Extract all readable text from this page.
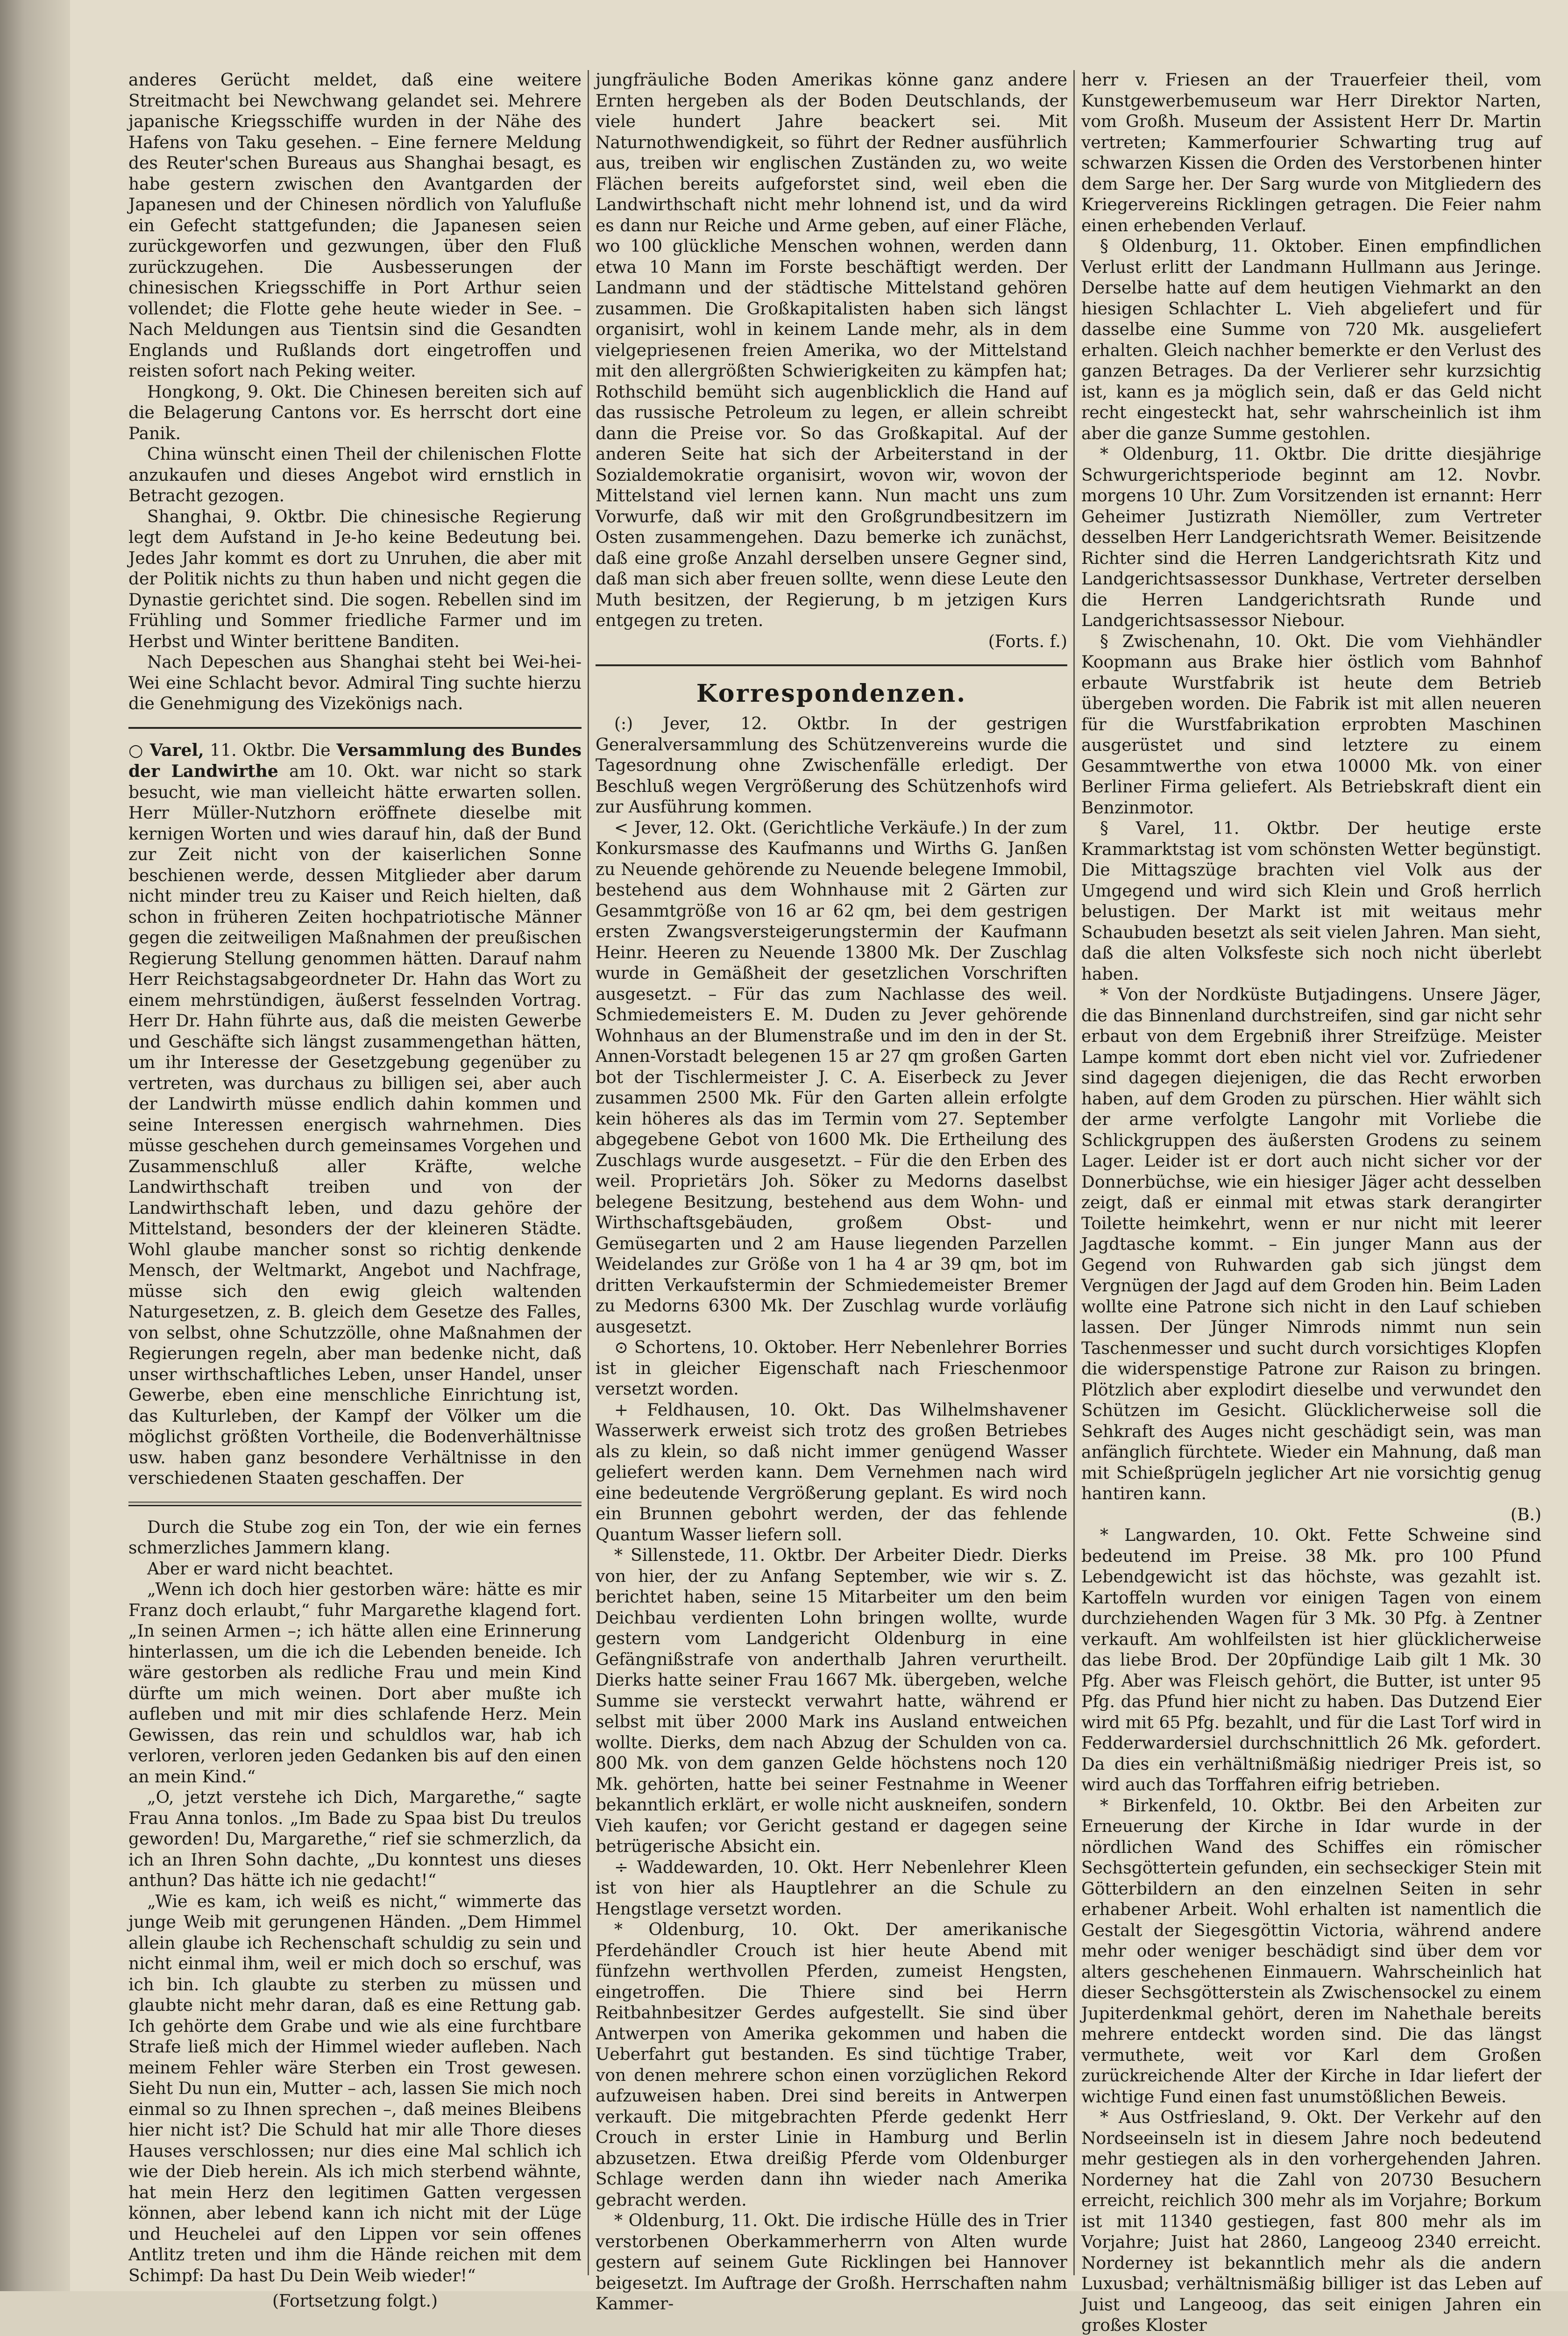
anderes Gerücht meldet, daß eine weitere Streitmacht bei Newchwang gelandet sei. Mehrere japanische Kriegsschiffe wurden in der Nähe des Hafens von Taku gesehen. – Eine fernere Meldung des Reuter'schen Bureaus aus Shanghai besagt, es habe gestern zwischen den Avantgarden der Japanesen und der Chinesen nördlich von Yalufluße ein Gefecht stattgefunden; die Japanesen seien zurückgeworfen und gezwungen, über den Fluß zurückzugehen. Die Ausbesserungen der chinesischen Kriegsschiffe in Port Arthur seien vollendet; die Flotte gehe heute wieder in See. – Nach Meldungen aus Tientsin sind die Gesandten Englands und Rußlands dort eingetroffen und reisten sofort nach Peking weiter.

Hongkong, 9. Okt. Die Chinesen bereiten sich auf die Belagerung Cantons vor. Es herrscht dort eine Panik.

China wünscht einen Theil der chilenischen Flotte anzukaufen und dieses Angebot wird ernstlich in Betracht gezogen.

Shanghai, 9. Oktbr. Die chinesische Regierung legt dem Aufstand in Je-ho keine Bedeutung bei. Jedes Jahr kommt es dort zu Unruhen, die aber mit der Politik nichts zu thun haben und nicht gegen die Dynastie gerichtet sind. Die sogen. Rebellen sind im Frühling und Sommer friedliche Farmer und im Herbst und Winter berittene Banditen.

Nach Depeschen aus Shanghai steht bei Wei-hei-Wei eine Schlacht bevor. Admiral Ting suchte hierzu die Genehmigung des Vizekönigs nach.

○ Varel, 11. Oktbr. Die Versammlung des Bundes der Landwirthe am 10. Okt. war nicht so stark besucht, wie man vielleicht hätte erwarten sollen. Herr Müller-Nutzhorn eröffnete dieselbe mit kernigen Worten und wies darauf hin, daß der Bund zur Zeit nicht von der kaiserlichen Sonne beschienen werde, dessen Mitglieder aber darum nicht minder treu zu Kaiser und Reich hielten, daß schon in früheren Zeiten hochpatriotische Männer gegen die zeitweiligen Maßnahmen der preußischen Regierung Stellung genommen hätten. Darauf nahm Herr Reichstagsabgeordneter Dr. Hahn das Wort zu einem mehrstündigen, äußerst fesselnden Vortrag. Herr Dr. Hahn führte aus, daß die meisten Gewerbe und Geschäfte sich längst zusammengethan hätten, um ihr Interesse der Gesetzgebung gegenüber zu vertreten, was durchaus zu billigen sei, aber auch der Landwirth müsse endlich dahin kommen und seine Interessen energisch wahrnehmen. Dies müsse geschehen durch gemeinsames Vorgehen und Zusammenschluß aller Kräfte, welche Landwirthschaft treiben und von der Landwirthschaft leben, und dazu gehöre der Mittelstand, besonders der der kleineren Städte. Wohl glaube mancher sonst so richtig denkende Mensch, der Weltmarkt, Angebot und Nachfrage, müsse sich den ewig gleich waltenden Naturgesetzen, z. B. gleich dem Gesetze des Falles, von selbst, ohne Schutzzölle, ohne Maßnahmen der Regierungen regeln, aber man bedenke nicht, daß unser wirthschaftliches Leben, unser Handel, unser Gewerbe, eben eine menschliche Einrichtung ist, das Kulturleben, der Kampf der Völker um die möglichst größten Vortheile, die Bodenverhältnisse usw. haben ganz besondere Verhältnisse in den verschiedenen Staaten geschaffen. Der

Durch die Stube zog ein Ton, der wie ein fernes schmerzliches Jammern klang.

Aber er ward nicht beachtet.

„Wenn ich doch hier gestorben wäre: hätte es mir Franz doch erlaubt,“ fuhr Margarethe klagend fort. „In seinen Armen –; ich hätte allen eine Erinnerung hinterlassen, um die ich die Lebenden beneide. Ich wäre gestorben als redliche Frau und mein Kind dürfte um mich weinen. Dort aber mußte ich aufleben und mit mir dies schlafende Herz. Mein Gewissen, das rein und schuldlos war, hab ich verloren, verloren jeden Gedanken bis auf den einen an mein Kind.“

„O, jetzt verstehe ich Dich, Margarethe,“ sagte Frau Anna tonlos. „Im Bade zu Spaa bist Du treulos geworden! Du, Margarethe,“ rief sie schmerzlich, da ich an Ihren Sohn dachte, „Du konntest uns dieses anthun? Das hätte ich nie gedacht!“

„Wie es kam, ich weiß es nicht,“ wimmerte das junge Weib mit gerungenen Händen. „Dem Himmel allein glaube ich Rechenschaft schuldig zu sein und nicht einmal ihm, weil er mich doch so erschuf, was ich bin. Ich glaubte zu sterben zu müssen und glaubte nicht mehr daran, daß es eine Rettung gab. Ich gehörte dem Grabe und wie als eine furchtbare Strafe ließ mich der Himmel wieder aufleben. Nach meinem Fehler wäre Sterben ein Trost gewesen. Sieht Du nun ein, Mutter – ach, lassen Sie mich noch einmal so zu Ihnen sprechen –, daß meines Bleibens hier nicht ist? Die Schuld hat mir alle Thore dieses Hauses verschlossen; nur dies eine Mal schlich ich wie der Dieb herein. Als ich mich sterbend wähnte, hat mein Herz den legitimen Gatten vergessen können, aber lebend kann ich nicht mit der Lüge und Heuchelei auf den Lippen vor sein offenes Antlitz treten und ihm die Hände reichen mit dem Schimpf: Da hast Du Dein Weib wieder!“

(Fortsetzung folgt.)

jungfräuliche Boden Amerikas könne ganz andere Ernten hergeben als der Boden Deutschlands, der viele hundert Jahre beackert sei. Mit Naturnothwendigkeit, so führt der Redner ausführlich aus, treiben wir englischen Zuständen zu, wo weite Flächen bereits aufgeforstet sind, weil eben die Landwirthschaft nicht mehr lohnend ist, und da wird es dann nur Reiche und Arme geben, auf einer Fläche, wo 100 glückliche Menschen wohnen, werden dann etwa 10 Mann im Forste beschäftigt werden. Der Landmann und der städtische Mittelstand gehören zusammen. Die Großkapitalisten haben sich längst organisirt, wohl in keinem Lande mehr, als in dem vielgepriesenen freien Amerika, wo der Mittelstand mit den allergrößten Schwierigkeiten zu kämpfen hat; Rothschild bemüht sich augenblicklich die Hand auf das russische Petroleum zu legen, er allein schreibt dann die Preise vor. So das Großkapital. Auf der anderen Seite hat sich der Arbeiterstand in der Sozialdemokratie organisirt, wovon wir, wovon der Mittelstand viel lernen kann. Nun macht uns zum Vorwurfe, daß wir mit den Großgrundbesitzern im Osten zusammengehen. Dazu bemerke ich zunächst, daß eine große Anzahl derselben unsere Gegner sind, daß man sich aber freuen sollte, wenn diese Leute den Muth besitzen, der Regierung, b m jetzigen Kurs entgegen zu treten.

(Forts. f.)

Korrespondenzen.

(:) Jever, 12. Oktbr. In der gestrigen Generalversammlung des Schützenvereins wurde die Tagesordnung ohne Zwischenfälle erledigt. Der Beschluß wegen Vergrößerung des Schützenhofs wird zur Ausführung kommen.

< Jever, 12. Okt. (Gerichtliche Verkäufe.) In der zum Konkursmasse des Kaufmanns und Wirths G. Janßen zu Neuende gehörende zu Neuende belegene Immobil, bestehend aus dem Wohnhause mit 2 Gärten zur Gesammtgröße von 16 ar 62 qm, bei dem gestrigen ersten Zwangsversteigerungstermin der Kaufmann Heinr. Heeren zu Neuende 13800 Mk. Der Zuschlag wurde in Gemäßheit der gesetzlichen Vorschriften ausgesetzt. – Für das zum Nachlasse des weil. Schmiedemeisters E. M. Duden zu Jever gehörende Wohnhaus an der Blumenstraße und im den in der St. Annen-Vorstadt belegenen 15 ar 27 qm großen Garten bot der Tischlermeister J. C. A. Eiserbeck zu Jever zusammen 2500 Mk. Für den Garten allein erfolgte kein höheres als das im Termin vom 27. September abgegebene Gebot von 1600 Mk. Die Ertheilung des Zuschlags wurde ausgesetzt. – Für die den Erben des weil. Proprietärs Joh. Söker zu Medorns daselbst belegene Besitzung, bestehend aus dem Wohn- und Wirthschaftsgebäuden, großem Obst- und Gemüsegarten und 2 am Hause liegenden Parzellen Weidelandes zur Größe von 1 ha 4 ar 39 qm, bot im dritten Verkaufstermin der Schmiedemeister Bremer zu Medorns 6300 Mk. Der Zuschlag wurde vorläufig ausgesetzt.

⊙ Schortens, 10. Oktober. Herr Nebenlehrer Borries ist in gleicher Eigenschaft nach Frieschenmoor versetzt worden.

+ Feldhausen, 10. Okt. Das Wilhelmshavener Wasserwerk erweist sich trotz des großen Betriebes als zu klein, so daß nicht immer genügend Wasser geliefert werden kann. Dem Vernehmen nach wird eine bedeutende Vergrößerung geplant. Es wird noch ein Brunnen gebohrt werden, der das fehlende Quantum Wasser liefern soll.

* Sillenstede, 11. Oktbr. Der Arbeiter Diedr. Dierks von hier, der zu Anfang September, wie wir s. Z. berichtet haben, seine 15 Mitarbeiter um den beim Deichbau verdienten Lohn bringen wollte, wurde gestern vom Landgericht Oldenburg in eine Gefängnißstrafe von anderthalb Jahren verurtheilt. Dierks hatte seiner Frau 1667 Mk. übergeben, welche Summe sie versteckt verwahrt hatte, während er selbst mit über 2000 Mark ins Ausland entweichen wollte. Dierks, dem nach Abzug der Schulden von ca. 800 Mk. von dem ganzen Gelde höchstens noch 120 Mk. gehörten, hatte bei seiner Festnahme in Weener bekanntlich erklärt, er wolle nicht auskneifen, sondern Vieh kaufen; vor Gericht gestand er dagegen seine betrügerische Absicht ein.

÷ Waddewarden, 10. Okt. Herr Nebenlehrer Kleen ist von hier als Hauptlehrer an die Schule zu Hengstlage versetzt worden.

* Oldenburg, 10. Okt. Der amerikanische Pferdehändler Crouch ist hier heute Abend mit fünfzehn werthvollen Pferden, zumeist Hengsten, eingetroffen. Die Thiere sind bei Herrn Reitbahnbesitzer Gerdes aufgestellt. Sie sind über Antwerpen von Amerika gekommen und haben die Ueberfahrt gut bestanden. Es sind tüchtige Traber, von denen mehrere schon einen vorzüglichen Rekord aufzuweisen haben. Drei sind bereits in Antwerpen verkauft. Die mitgebrachten Pferde gedenkt Herr Crouch in erster Linie in Hamburg und Berlin abzusetzen. Etwa dreißig Pferde vom Oldenburger Schlage werden dann ihn wieder nach Amerika gebracht werden.

* Oldenburg, 11. Okt. Die irdische Hülle des in Trier verstorbenen Oberkammerherrn von Alten wurde gestern auf seinem Gute Ricklingen bei Hannover beigesetzt. Im Auftrage der Großh. Herrschaften nahm Kammer-

herr v. Friesen an der Trauerfeier theil, vom Kunstgewerbemuseum war Herr Direktor Narten, vom Großh. Museum der Assistent Herr Dr. Martin vertreten; Kammerfourier Schwarting trug auf schwarzen Kissen die Orden des Verstorbenen hinter dem Sarge her. Der Sarg wurde von Mitgliedern des Kriegervereins Ricklingen getragen. Die Feier nahm einen erhebenden Verlauf.

§ Oldenburg, 11. Oktober. Einen empfindlichen Verlust erlitt der Landmann Hullmann aus Jeringe. Derselbe hatte auf dem heutigen Viehmarkt an den hiesigen Schlachter L. Vieh abgeliefert und für dasselbe eine Summe von 720 Mk. ausgeliefert erhalten. Gleich nachher bemerkte er den Verlust des ganzen Betrages. Da der Verlierer sehr kurzsichtig ist, kann es ja möglich sein, daß er das Geld nicht recht eingesteckt hat, sehr wahrscheinlich ist ihm aber die ganze Summe gestohlen.

* Oldenburg, 11. Oktbr. Die dritte diesjährige Schwurgerichtsperiode beginnt am 12. Novbr. morgens 10 Uhr. Zum Vorsitzenden ist ernannt: Herr Geheimer Justizrath Niemöller, zum Vertreter desselben Herr Landgerichtsrath Wemer. Beisitzende Richter sind die Herren Landgerichtsrath Kitz und Landgerichtsassessor Dunkhase, Vertreter derselben die Herren Landgerichtsrath Runde und Landgerichtsassessor Niebour.

§ Zwischenahn, 10. Okt. Die vom Viehhändler Koopmann aus Brake hier östlich vom Bahnhof erbaute Wurstfabrik ist heute dem Betrieb übergeben worden. Die Fabrik ist mit allen neueren für die Wurstfabrikation erprobten Maschinen ausgerüstet und sind letztere zu einem Gesammtwerthe von etwa 10000 Mk. von einer Berliner Firma geliefert. Als Betriebskraft dient ein Benzinmotor.

§ Varel, 11. Oktbr. Der heutige erste Krammarktstag ist vom schönsten Wetter begünstigt. Die Mittagszüge brachten viel Volk aus der Umgegend und wird sich Klein und Groß herrlich belustigen. Der Markt ist mit weitaus mehr Schaubuden besetzt als seit vielen Jahren. Man sieht, daß die alten Volksfeste sich noch nicht überlebt haben.

* Von der Nordküste Butjadingens. Unsere Jäger, die das Binnenland durchstreifen, sind gar nicht sehr erbaut von dem Ergebniß ihrer Streifzüge. Meister Lampe kommt dort eben nicht viel vor. Zufriedener sind dagegen diejenigen, die das Recht erworben haben, auf dem Groden zu pürschen. Hier wählt sich der arme verfolgte Langohr mit Vorliebe die Schlickgruppen des äußersten Grodens zu seinem Lager. Leider ist er dort auch nicht sicher vor der Donnerbüchse, wie ein hiesiger Jäger acht desselben zeigt, daß er einmal mit etwas stark derangirter Toilette heimkehrt, wenn er nur nicht mit leerer Jagdtasche kommt. – Ein junger Mann aus der Gegend von Ruhwarden gab sich jüngst dem Vergnügen der Jagd auf dem Groden hin. Beim Laden wollte eine Patrone sich nicht in den Lauf schieben lassen. Der Jünger Nimrods nimmt nun sein Taschenmesser und sucht durch vorsichtiges Klopfen die widerspenstige Patrone zur Raison zu bringen. Plötzlich aber explodirt dieselbe und verwundet den Schützen im Gesicht. Glücklicherweise soll die Sehkraft des Auges nicht geschädigt sein, was man anfänglich fürchtete. Wieder ein Mahnung, daß man mit Schießprügeln jeglicher Art nie vorsichtig genug hantiren kann.

(B.)

* Langwarden, 10. Okt. Fette Schweine sind bedeutend im Preise. 38 Mk. pro 100 Pfund Lebendgewicht ist das höchste, was gezahlt ist. Kartoffeln wurden vor einigen Tagen von einem durchziehenden Wagen für 3 Mk. 30 Pfg. à Zentner verkauft. Am wohlfeilsten ist hier glücklicherweise das liebe Brod. Der 20pfündige Laib gilt 1 Mk. 30 Pfg. Aber was Fleisch gehört, die Butter, ist unter 95 Pfg. das Pfund hier nicht zu haben. Das Dutzend Eier wird mit 65 Pfg. bezahlt, und für die Last Torf wird in Fedderwardersiel durchschnittlich 26 Mk. gefordert. Da dies ein verhältnißmäßig niedriger Preis ist, so wird auch das Torffahren eifrig betrieben.

* Birkenfeld, 10. Oktbr. Bei den Arbeiten zur Erneuerung der Kirche in Idar wurde in der nördlichen Wand des Schiffes ein römischer Sechsgöttertein gefunden, ein sechseckiger Stein mit Götterbildern an den einzelnen Seiten in sehr erhabener Arbeit. Wohl erhalten ist namentlich die Gestalt der Siegesgöttin Victoria, während andere mehr oder weniger beschädigt sind über dem vor alters geschehenen Einmauern. Wahrscheinlich hat dieser Sechsgötterstein als Zwischensockel zu einem Jupiterdenkmal gehört, deren im Nahethale bereits mehrere entdeckt worden sind. Die das längst vermuthete, weit vor Karl dem Großen zurückreichende Alter der Kirche in Idar liefert der wichtige Fund einen fast unumstößlichen Beweis.

* Aus Ostfriesland, 9. Okt. Der Verkehr auf den Nordseeinseln ist in diesem Jahre noch bedeutend mehr gestiegen als in den vorhergehenden Jahren. Norderney hat die Zahl von 20730 Besuchern erreicht, reichlich 300 mehr als im Vorjahre; Borkum ist mit 11340 gestiegen, fast 800 mehr als im Vorjahre; Juist hat 2860, Langeoog 2340 erreicht. Norderney ist bekanntlich mehr als die andern Luxusbad; verhältnismäßig billiger ist das Leben auf Juist und Langeoog, das seit einigen Jahren ein großes Kloster
